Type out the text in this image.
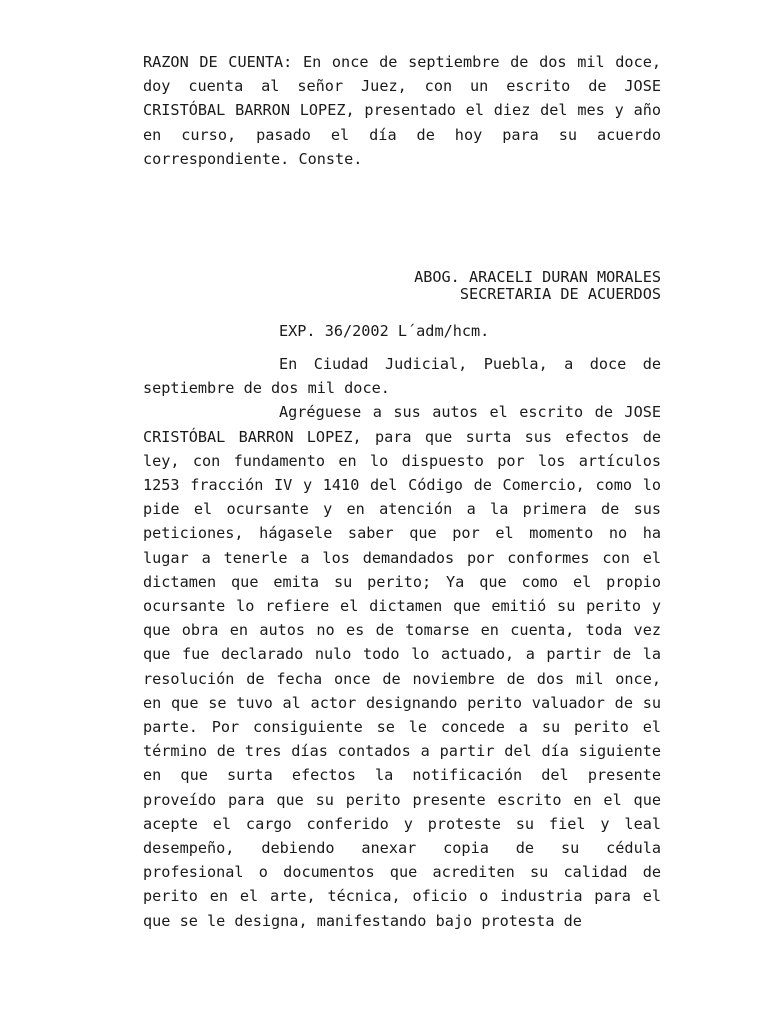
RAZON DE CUENTA: En once de septiembre de dos mil doce, doy cuenta al señor Juez, con un escrito de JOSE CRISTÓBAL BARRON LOPEZ, presentado el diez del mes y año en curso, pasado el día de hoy para su acuerdo correspondiente. Conste.

ABOG. ARACELI DURAN MORALES
SECRETARIA DE ACUERDOS
EXP. 36/2002 L´adm/hcm.

En Ciudad Judicial, Puebla, a doce de septiembre de dos mil doce.

Agréguese a sus autos el escrito de JOSE CRISTÓBAL BARRON LOPEZ, para que surta sus efectos de ley, con fundamento en lo dispuesto por los artículos 1253 fracción IV y 1410 del Código de Comercio, como lo pide el ocursante y en atención a la primera de sus peticiones, hágasele saber que por el momento no ha lugar a tenerle a los demandados por conformes con el dictamen que emita su perito; Ya que como el propio ocursante lo refiere el dictamen que emitió su perito y que obra en autos no es de tomarse en cuenta, toda vez que fue declarado nulo todo lo actuado, a partir de la resolución de fecha once de noviembre de dos mil once, en que se tuvo al actor designando perito valuador de su parte. Por consiguiente se le concede a su perito el término de tres días contados a partir del día siguiente en que surta efectos la notificación del presente proveído para que su perito presente escrito en el que acepte el cargo conferido y proteste su fiel y leal desempeño, debiendo anexar copia de su cédula profesional o documentos que acrediten su calidad de perito en el arte, técnica, oficio o industria para el que se le designa, manifestando bajo protesta de
